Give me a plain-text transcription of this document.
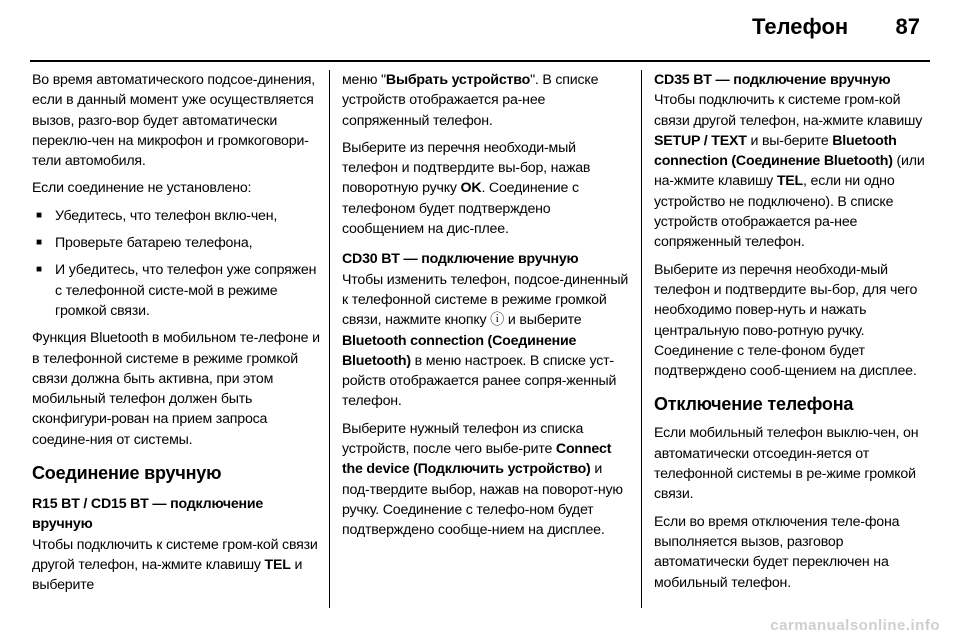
Телефон 87

Во время автоматического подсое-динения, если в данный момент уже осуществляется вызов, разго-вор будет автоматически переклю-чен на микрофон и громкоговори-тели автомобиля.

Если соединение не установлено:

■ Убедитесь, что телефон вклю-чен,
■ Проверьте батарею телефона,
■ И убедитесь, что телефон уже сопряжен с телефонной систе-мой в режиме громкой связи.

Функция Bluetooth в мобильном те-лефоне и в телефонной системе в режиме громкой связи должна быть активна, при этом мобильный телефон должен быть сконфигури-рован на прием запроса соедине-ния от системы.

Соединение вручную
R15 BT / CD15 BT — подключение вручную

Чтобы подключить к системе гром-кой связи другой телефон, на-жмите клавишу TEL и выберите

меню "Выбрать устройство". В списке устройств отображается ра-нее сопряженный телефон.

Выберите из перечня необходи-мый телефон и подтвердите вы-бор, нажав поворотную ручку OK. Соединение с телефоном будет подтверждено сообщением на дис-плее.

CD30 BT — подключение вручную

Чтобы изменить телефон, подсое-диненный к телефонной системе в режиме громкой связи, нажмите кнопку ⓘ и выберите Bluetooth connection (Соединение Bluetooth) в меню настроек. В списке уст-ройств отображается ранее сопря-женный телефон.

Выберите нужный телефон из списка устройств, после чего выбе-рите Connect the device (Подключить устройство) и под-твердите выбор, нажав на поворот-ную ручку. Соединение с телефо-ном будет подтверждено сообще-нием на дисплее.

CD35 BT — подключение вручную

Чтобы подключить к системе гром-кой связи другой телефон, на-жмите клавишу SETUP / TEXT и вы-берите Bluetooth connection (Соединение Bluetooth) (или на-жмите клавишу TEL, если ни одно устройство не подключено). В списке устройств отображается ра-нее сопряженный телефон.

Выберите из перечня необходи-мый телефон и подтвердите вы-бор, для чего необходимо повер-нуть и нажать центральную пово-ротную ручку. Соединение с теле-фоном будет подтверждено сооб-щением на дисплее.

Отключение телефона

Если мобильный телефон выклю-чен, он автоматически отсоедин-яется от телефонной системы в ре-жиме громкой связи.

Если во время отключения теле-фона выполняется вызов, разговор автоматически будет переключен на мобильный телефон.

carmanualsonline.info
